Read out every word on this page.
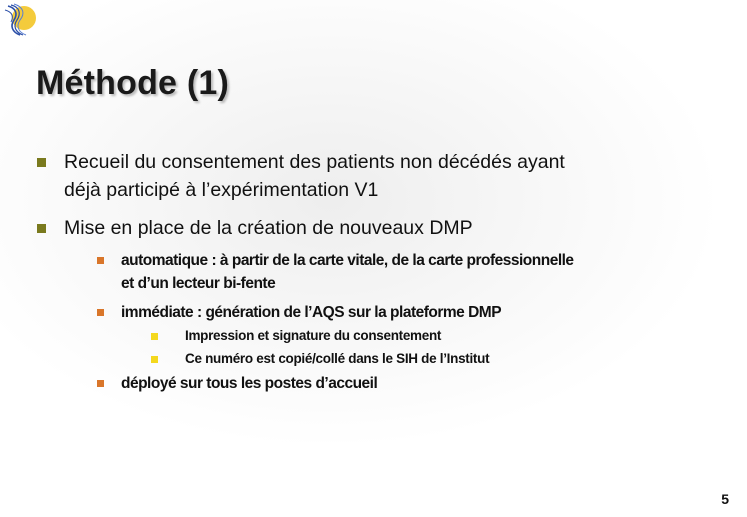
Méthode (1)
Recueil du consentement des patients non décédés ayant
déjà participé à l’expérimentation V1
Mise en place de la création de nouveaux DMP
automatique : à partir de la carte vitale, de la carte professionnelle
et d’un lecteur bi-fente
immédiate : génération de l’AQS sur la plateforme DMP
Impression et signature du consentement
Ce numéro est copié/collé dans le SIH de l’Institut
déployé sur tous les postes d’accueil
5
